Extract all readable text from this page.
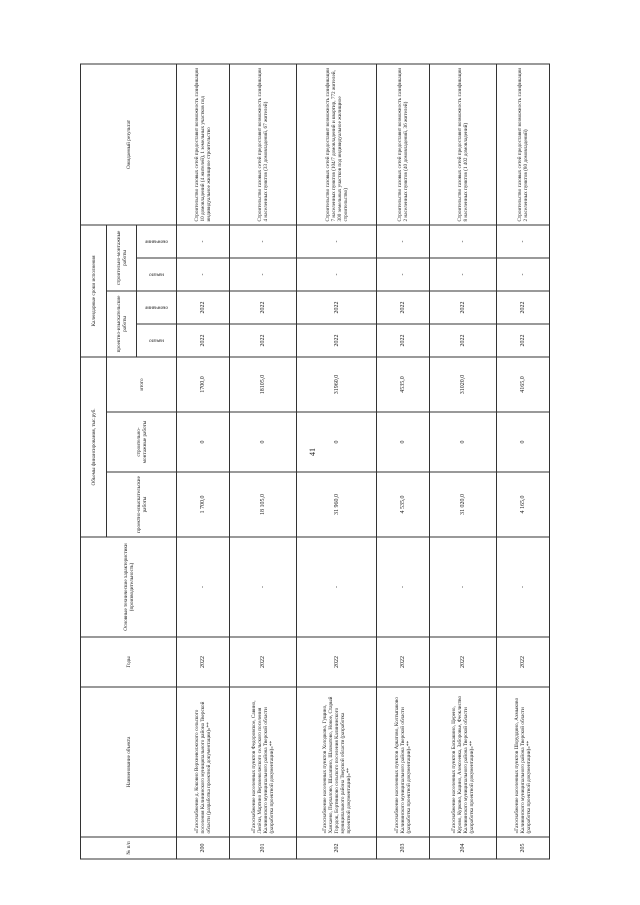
41
№ п/п	Наименование объекта	Годы	Основные технические характеристики (производительность)	Объемы финансирования, тыс.руб.			Календарные сроки исполнения				Ожидаемый результат
				проектно-изыскательские работы	строительно-монтажные работы	итого	проектно-изыскательские работы		строительно-монтажные работы		

							начало	окончание	начало	окончание	

200	«Газоснабжение д. Коковно Верхневолжского сельского поселения Калининского муниципального района Тверской области (разработка проектной документации)»**	2022	-	1 700,0	0	1700,0	2022	2022	-	-	Строительство газовых сетей предоставит возможность газификации 10 домовладений (4 жителей), 1 земельных участков под индивидуальное жилищное строительство
201	«Газоснабжение населенных пунктов Федоровское, Савино, Лепёхи, Мартино Верхневолжского сельского поселения Калининского муниципального района Тверской области (разработка проектной документации)»**	2022	-	18 105,0	0	18105,0	2022	2022	-	-	Строительство газовых сетей предоставит возможность газификации 4 населенных пунктов (33 домовладений, 67 жителей)
202	«Газоснабжение населенных пунктов Холодково, Гущино, Ханхаево, Перхалово, Шалапино, Шахматово, Новое, Старый Городок, Бортниково сельского поселения Калининского муниципального района Тверской области (разработка проектной документации)»**	2022	-	31 960,0	0	31960,0	2022	2022	-	-	Строительство газовых сетей предоставит возможность газификации 7 населенных пунктов (104/7 домовладений и квартир, 772 жителей, 300 земельных участков под индивидуальное жилищное строительство)
203	«Газоснабжение населенных пунктов Аркатово, Колтыпаково Калининского муниципального района Тверской области (разработка проектной документации)»**	2022	-	4 535,0	0	4535,0	2022	2022	-	-	Строительство газовых сетей предоставит возможность газификации 2 населенных пунктов (40 домовладений, 36 жителей)
204	«Газоснабжение населенных пунктов Баскакино, Церено, Курово, Курково, Кацино, Алексеевка, Заборовье, Феоклиство Калининского муниципального района Тверской области (разработка проектной документации)»**	2022	-	31 020,0	0	31020,0	2022	2022	-	-	Строительство газовых сетей предоставит возможность газификации 8 населенных пунктов (1 402 домовладений)
205	«Газоснабжение населенных пунктов Шоруддино, Ахмыково Калининского муниципального района Тверской области (разработка проектной документации)»**	2022	-	4 165,0	0	4165,0	2022	2022	-	-	Строительство газовых сетей предоставит возможность газификации 2 населенных пунктов (80 домовладений)
